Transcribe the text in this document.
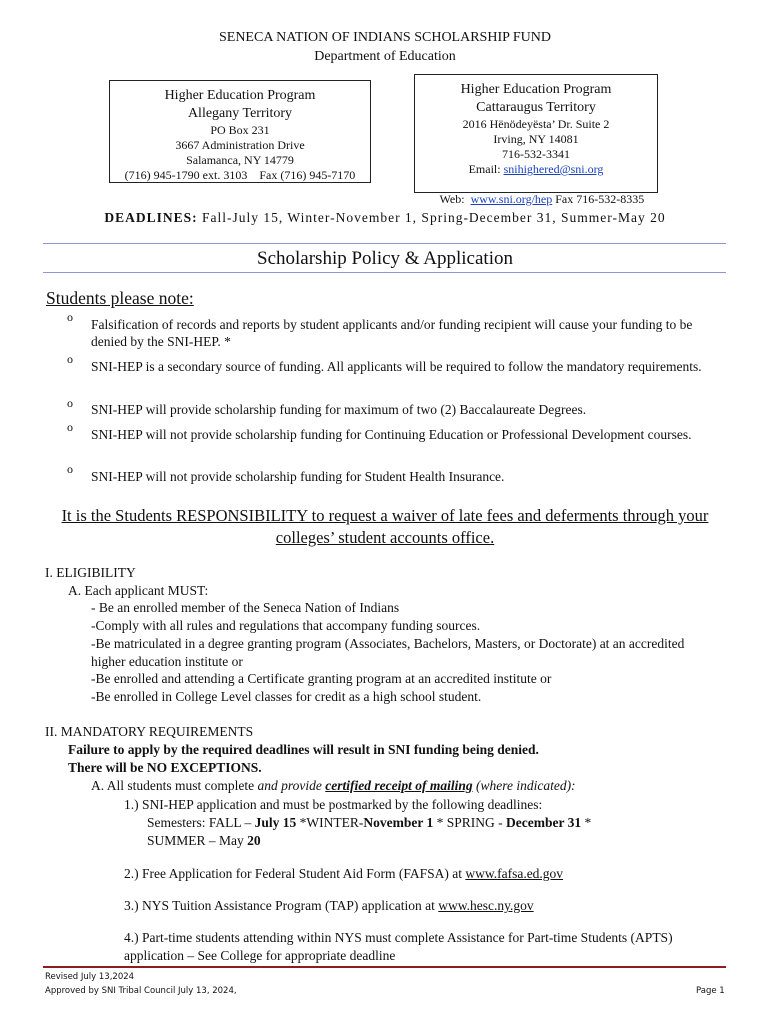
SENECA NATION OF INDIANS SCHOLARSHIP FUND
Department of Education
Higher Education Program
Allegany Territory
PO Box 231
3667 Administration Drive
Salamanca, NY 14779
(716) 945-1790 ext. 3103    Fax (716) 945-7170
Higher Education Program
Cattaraugus Territory
2016 Hënödeyësta’ Dr. Suite 2
Irving, NY 14081
716-532-3341
Email: snihighered@sni.org

Web:  www.sni.org/hep Fax 716-532-8335

DEADLINES: Fall-July 15, Winter-November 1, Spring-December 31, Summer-May 20
Scholarship Policy & Application
Students please note:
o Falsification of records and reports by student applicants and/or funding recipient will cause your funding to be denied by the SNI-HEP. *
o SNI-HEP is a secondary source of funding. All applicants will be required to follow the mandatory requirements.
o SNI-HEP will provide scholarship funding for maximum of two (2) Baccalaureate Degrees.
o SNI-HEP will not provide scholarship funding for Continuing Education or Professional Development courses.
o SNI-HEP will not provide scholarship funding for Student Health Insurance.
It is the Students RESPONSIBILITY to request a waiver of late fees and deferments through your colleges’ student accounts office.
I. ELIGIBILITY
A. Each applicant MUST:
- Be an enrolled member of the Seneca Nation of Indians
-Comply with all rules and regulations that accompany funding sources.
-Be matriculated in a degree granting program (Associates, Bachelors, Masters, or Doctorate) at an accredited higher education institute or
-Be enrolled and attending a Certificate granting program at an accredited institute or
-Be enrolled in College Level classes for credit as a high school student.
II. MANDATORY REQUIREMENTS
Failure to apply by the required deadlines will result in SNI funding being denied.
There will be NO EXCEPTIONS.
A. All students must complete and provide certified receipt of mailing (where indicated):
1.) SNI-HEP application and must be postmarked by the following deadlines:
Semesters: FALL – July 15 *WINTER-November 1 * SPRING - December 31 *
SUMMER – May 20
2.) Free Application for Federal Student Aid Form (FAFSA) at www.fafsa.ed.gov
3.) NYS Tuition Assistance Program (TAP) application at www.hesc.ny.gov
4.) Part-time students attending within NYS must complete Assistance for Part-time Students (APTS) application – See College for appropriate deadline
Revised July 13,2024
Approved by SNI Tribal Council July 13, 2024,	Page 1
